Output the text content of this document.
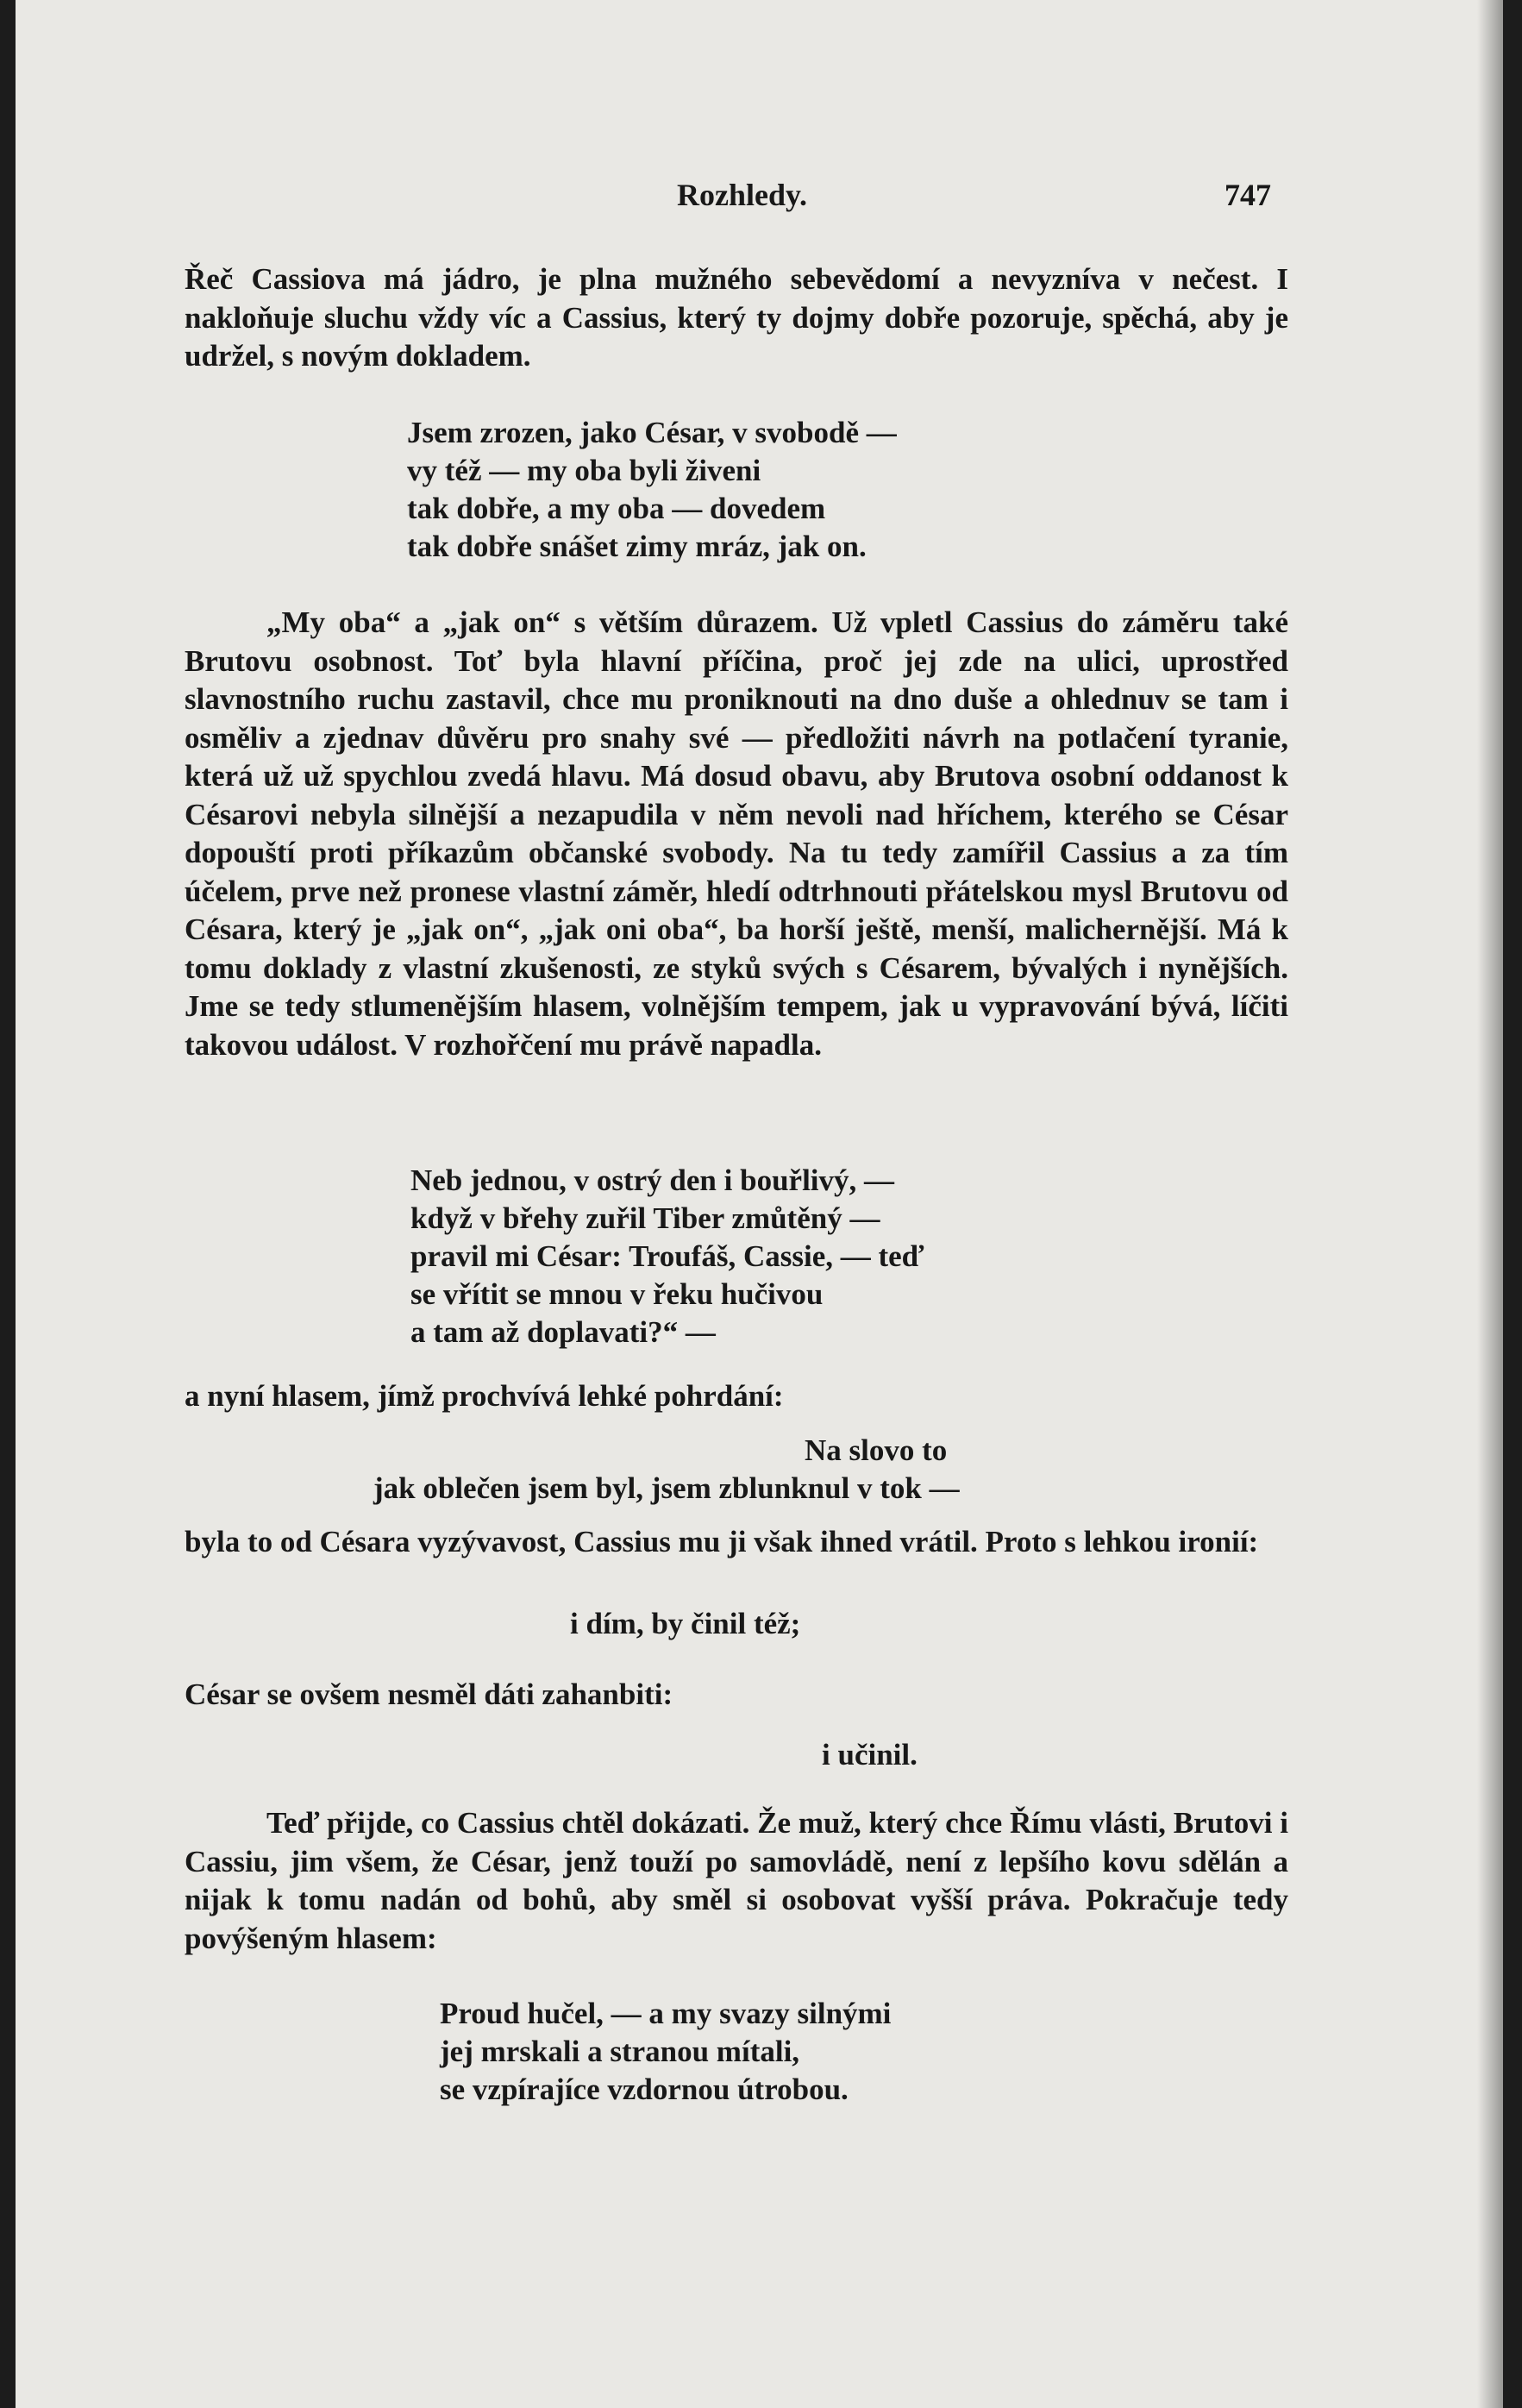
Rozhledy.	747

Řeč Cassiova má jádro, je plna mužného sebevědomí a nevyzníva v nečest. I nakloňuje sluchu vždy víc a Cassius, který ty dojmy dobře pozoruje, spěchá, aby je udržel, s novým dokladem.

Jsem zrozen, jako César, v svobodě —
vy též — my oba byli živeni
tak dobře, a my oba — dovedem
tak dobře snášet zimy mráz, jak on.

„My oba“ a „jak on“ s větším důrazem. Už vpletl Cassius do záměru také Brutovu osobnost. Toť byla hlavní příčina, proč jej zde na ulici, uprostřed slavnostního ruchu zastavil, chce mu proniknouti na dno duše a ohlednuv se tam i osměliv a zjednav důvěru pro snahy své — předložiti návrh na potlačení tyranie, která už už spychlou zvedá hlavu. Má dosud obavu, aby Brutova osobní oddanost k Césarovi nebyla silnější a nezapudila v něm nevoli nad hříchem, kterého se César dopouští proti příkazům občanské svobody. Na tu tedy zamířil Cassius a za tím účelem, prve než pronese vlastní záměr, hledí odtrhnouti přátelskou mysl Brutovu od Césara, který je „jak on“, „jak oni oba“, ba horší ještě, menší, malichernější. Má k tomu doklady z vlastní zkušenosti, ze styků svých s Césarem, bývalých i nynějších. Jme se tedy stlumenějším hlasem, volnějším tempem, jak u vypravování bývá, líčiti takovou událost. V rozhořčení mu právě napadla.

Neb jednou, v ostrý den i bouřlivý, —
když v břehy zuřil Tiber zmůtěný —
pravil mi César: Troufáš, Cassie, — teď
se vřítit se mnou v řeku hučivou
a tam až doplavati?“ —
a nyní hlasem, jímž prochvívá lehké pohrdání:
Na slovo to
jak oblečen jsem byl, jsem zblunknul v tok —

byla to od Césara vyzývavost, Cassius mu ji však ihned vrátil. Proto s lehkou ironií:

i dím, by činil též;
César se ovšem nesměl dáti zahanbiti:
i učinil.

Teď přijde, co Cassius chtěl dokázati. Že muž, který chce Římu vlásti, Brutovi i Cassiu, jim všem, že César, jenž touží po samovládě, není z lepšího kovu sdělán a nijak k tomu nadán od bohů, aby směl si osobovat vyšší práva. Pokračuje tedy povýšeným hlasem:

Proud hučel, — a my svazy silnými
jej mrskali a stranou mítali,
se vzpírajíce vzdornou útrobou.
